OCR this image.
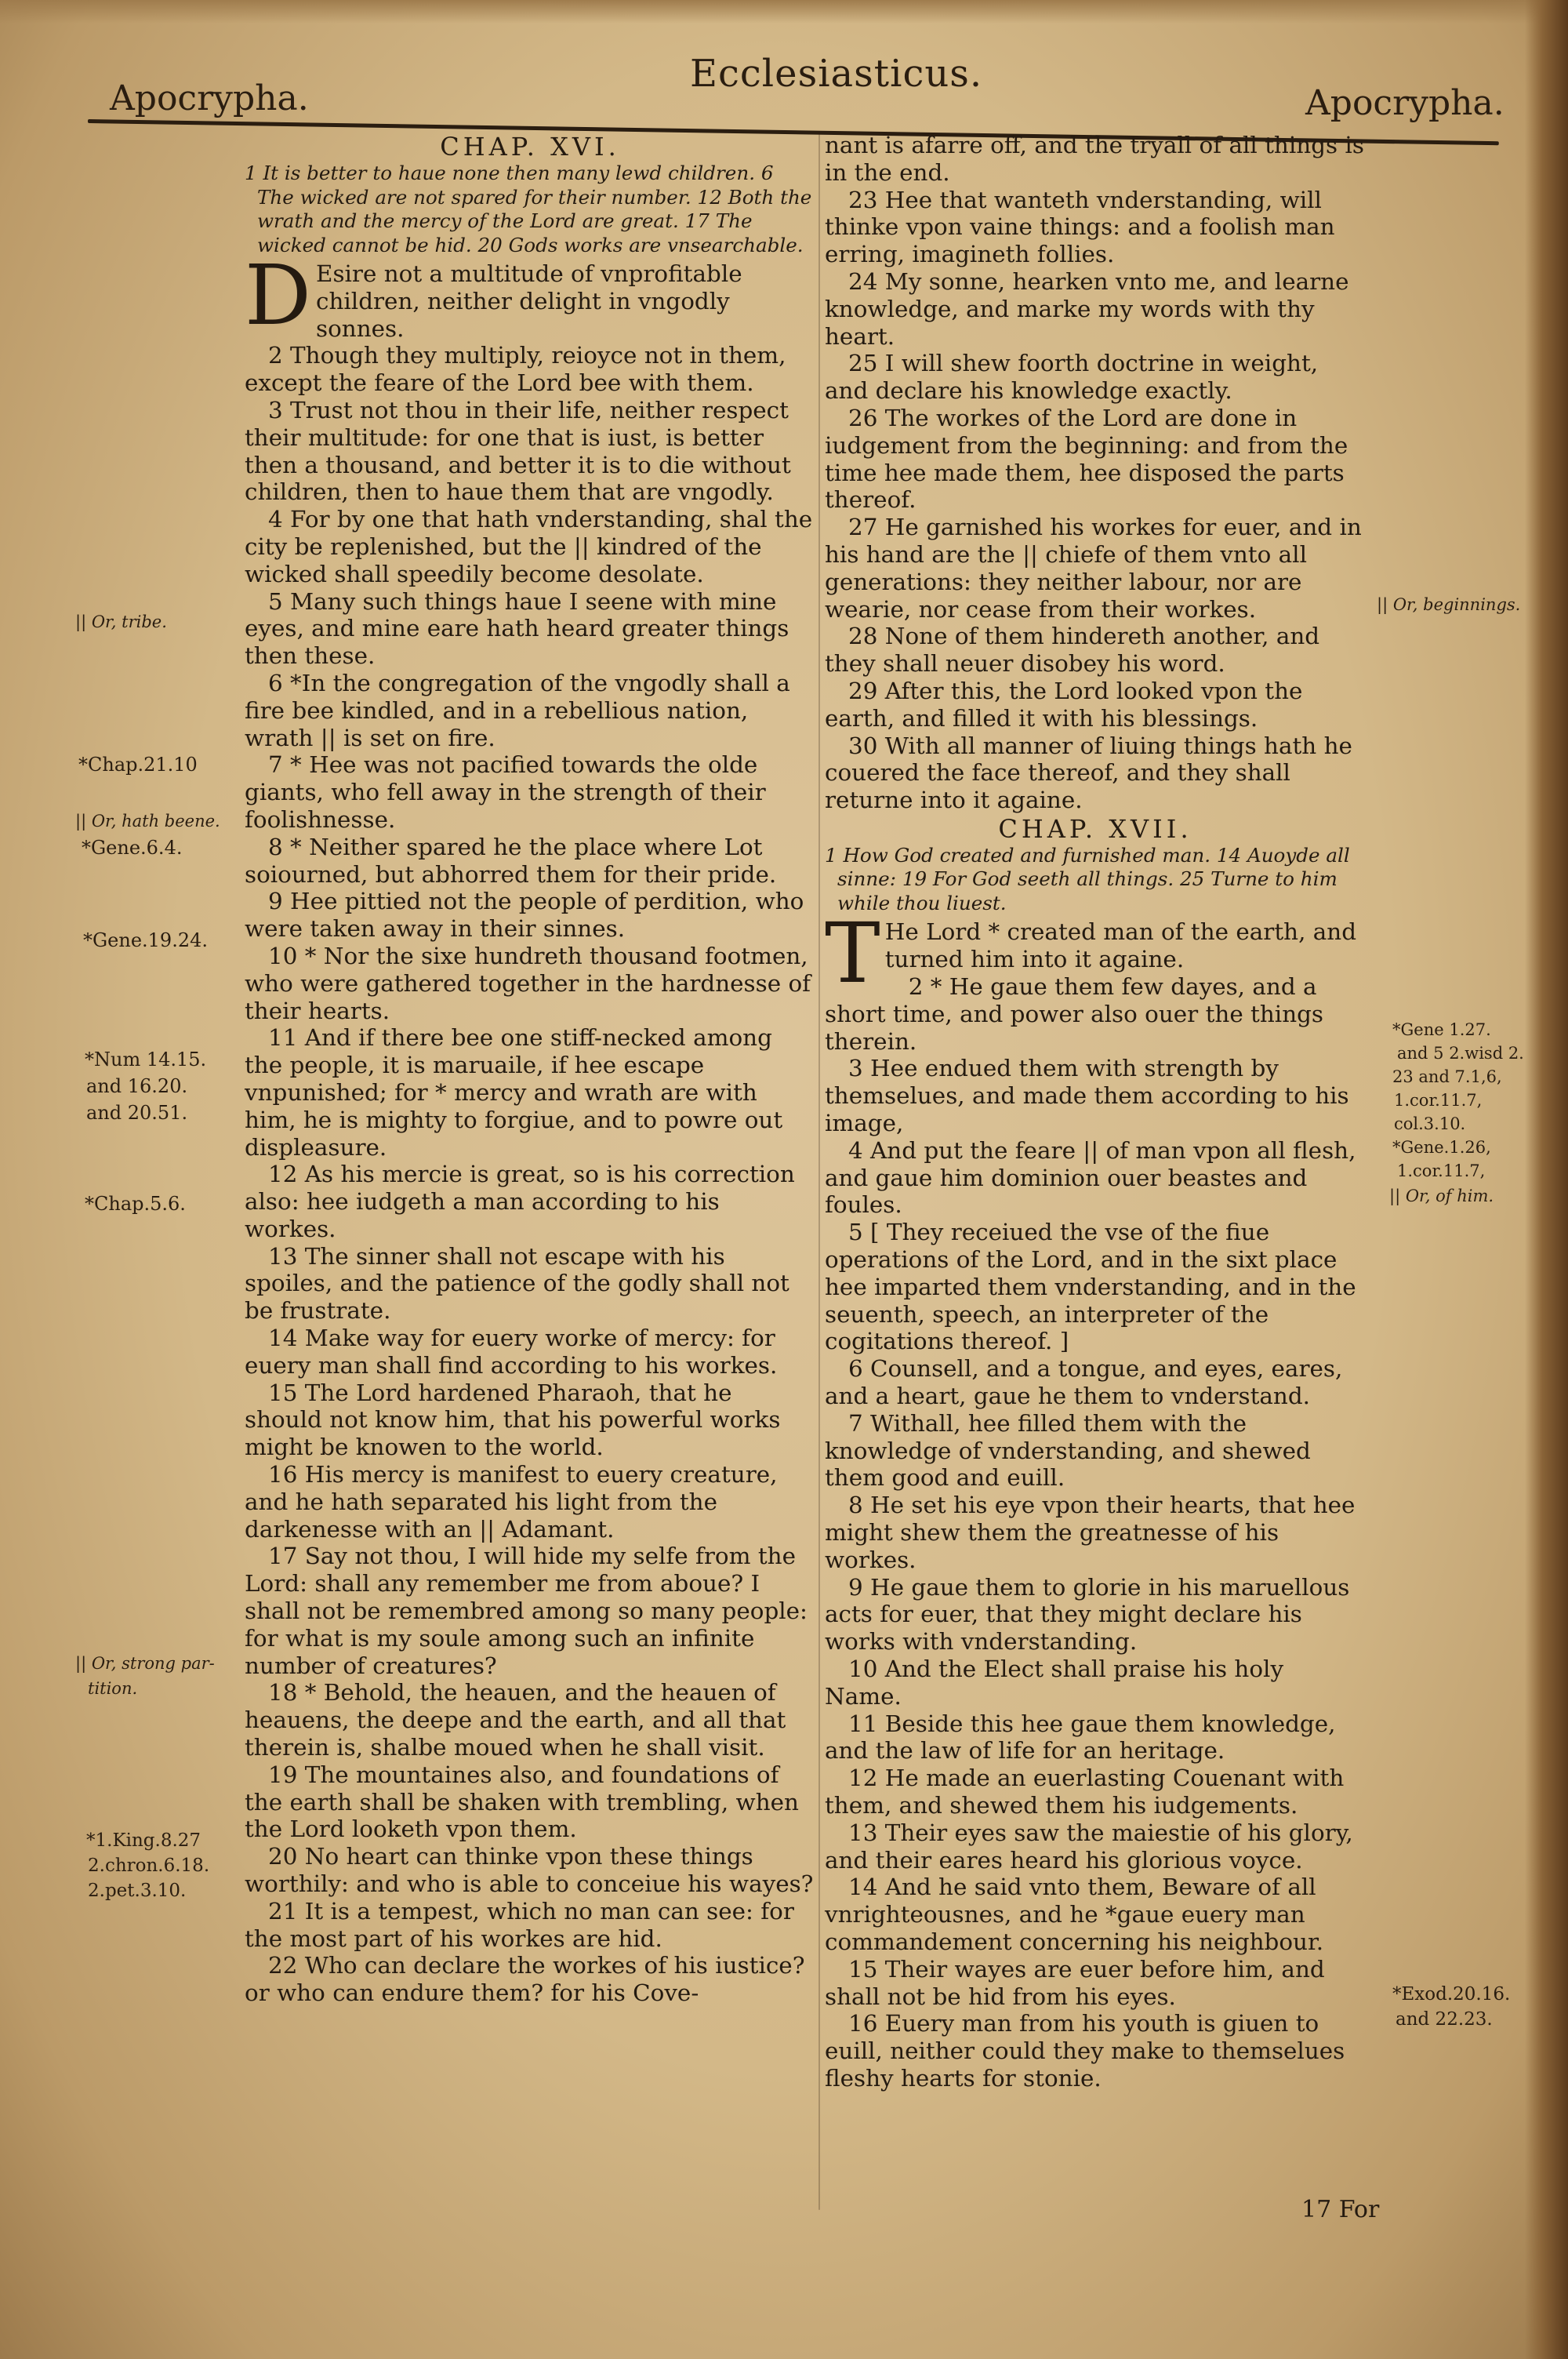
Apocrypha.
Ecclesiasticus.
Apocrypha.
CHAP. XVI.

1 It is better to haue none then many lewd children. 6 The wicked are not spared for their number. 12 Both the wrath and the mercy of the Lord are great. 17 The wicked cannot be hid. 20 Gods works are vnsearchable.

D Esire not a multitude of vnprofitable children, neither delight in vngodly sonnes.

2 Though they multiply, reioyce not in them, except the feare of the Lord bee with them.

3 Trust not thou in their life, neither respect their multitude: for one that is iust, is better then a thousand, and better it is to die without children, then to haue them that are vngodly.

4 For by one that hath vnderstanding, shal the city be replenished, but the || kindred of the wicked shall speedily become desolate.

5 Many such things haue I seene with mine eyes, and mine eare hath heard greater things then these.

6 *In the congregation of the vngodly shall a fire bee kindled, and in a rebellious nation, wrath || is set on fire.

7 * Hee was not pacified towards the olde giants, who fell away in the strength of their foolishnesse.

8 * Neither spared he the place where Lot soiourned, but abhorred them for their pride.

9 Hee pittied not the people of perdition, who were taken away in their sinnes.

10 * Nor the sixe hundreth thousand footmen, who were gathered together in the hardnesse of their hearts.

11 And if there bee one stiff-necked among the people, it is maruaile, if hee escape vnpunished; for * mercy and wrath are with him, he is mighty to forgiue, and to powre out displeasure.

12 As his mercie is great, so is his correction also: hee iudgeth a man according to his workes.

13 The sinner shall not escape with his spoiles, and the patience of the godly shall not be frustrate.

14 Make way for euery worke of mercy: for euery man shall find according to his workes.

15 The Lord hardened Pharaoh, that he should not know him, that his powerful works might be knowen to the world.

16 His mercy is manifest to euery creature, and he hath separated his light from the darkenesse with an || Adamant.

17 Say not thou, I will hide my selfe from the Lord: shall any remember me from aboue? I shall not be remembred among so many people: for what is my soule among such an infinite number of creatures?

18 * Behold, the heauen, and the heauen of heauens, the deepe and the earth, and all that therein is, shalbe moued when he shall visit.

19 The mountaines also, and foundations of the earth shall be shaken with trembling, when the Lord looketh vpon them.

20 No heart can thinke vpon these things worthily: and who is able to conceiue his wayes?

21 It is a tempest, which no man can see: for the most part of his workes are hid.

22 Who can declare the workes of his iustice? or who can endure them? for his Cove-

nant is afarre off, and the tryall of all things is in the end.

23 Hee that wanteth vnderstanding, will thinke vpon vaine things: and a foolish man erring, imagineth follies.

24 My sonne, hearken vnto me, and learne knowledge, and marke my words with thy heart.

25 I will shew foorth doctrine in weight, and declare his knowledge exactly.

26 The workes of the Lord are done in iudgement from the beginning: and from the time hee made them, hee disposed the parts thereof.

27 He garnished his workes for euer, and in his hand are the || chiefe of them vnto all generations: they neither labour, nor are wearie, nor cease from their workes.

28 None of them hindereth another, and they shall neuer disobey his word.

29 After this, the Lord looked vpon the earth, and filled it with his blessings.

30 With all manner of liuing things hath he couered the face thereof, and they shall returne into it againe.

CHAP. XVII.

1 How God created and furnished man. 14 Auoyde all sinne: 19 For God seeth all things. 25 Turne to him while thou liuest.

T He Lord * created man of the earth, and turned him into it againe.

2 * He gaue them few dayes, and a short time, and power also ouer the things therein.

3 Hee endued them with strength by themselues, and made them according to his image,

4 And put the feare || of man vpon all flesh, and gaue him dominion ouer beastes and foules.

5 [ They receiued the vse of the fiue operations of the Lord, and in the sixt place hee imparted them vnderstanding, and in the seuenth, speech, an interpreter of the cogitations thereof. ]

6 Counsell, and a tongue, and eyes, eares, and a heart, gaue he them to vnderstand.

7 Withall, hee filled them with the knowledge of vnderstanding, and shewed them good and euill.

8 He set his eye vpon their hearts, that hee might shew them the greatnesse of his workes.

9 He gaue them to glorie in his maruellous acts for euer, that they might declare his works with vnderstanding.

10 And the Elect shall praise his holy Name.

11 Beside this hee gaue them knowledge, and the law of life for an heritage.

12 He made an euerlasting Couenant with them, and shewed them his iudgements.

13 Their eyes saw the maiestie of his glory, and their eares heard his glorious voyce.

14 And he said vnto them, Beware of all vnrighteousnes, and he *gaue euery man commandement concerning his neighbour.

15 Their wayes are euer before him, and shall not be hid from his eyes.

16 Euery man from his youth is giuen to euill, neither could they make to themselues fleshy hearts for stonie.

17 For
|| Or, tribe.
*Chap.21.10
|| Or, hath beene.
*Gene.6.4.
*Gene.19.24.
*Num 14.15.
and 16.20.
and 20.51.
*Chap.5.6.
|| Or, strong par-
tition.
*1.King.8.27
2.chron.6.18.
2.pet.3.10.
|| Or, beginnings.
*Gene 1.27.
and 5 2.wisd 2.
23 and 7.1,6,
1.cor.11.7,
col.3.10.
*Gene.1.26,
1.cor.11.7,
|| Or, of him.
*Exod.20.16.
and 22.23.
